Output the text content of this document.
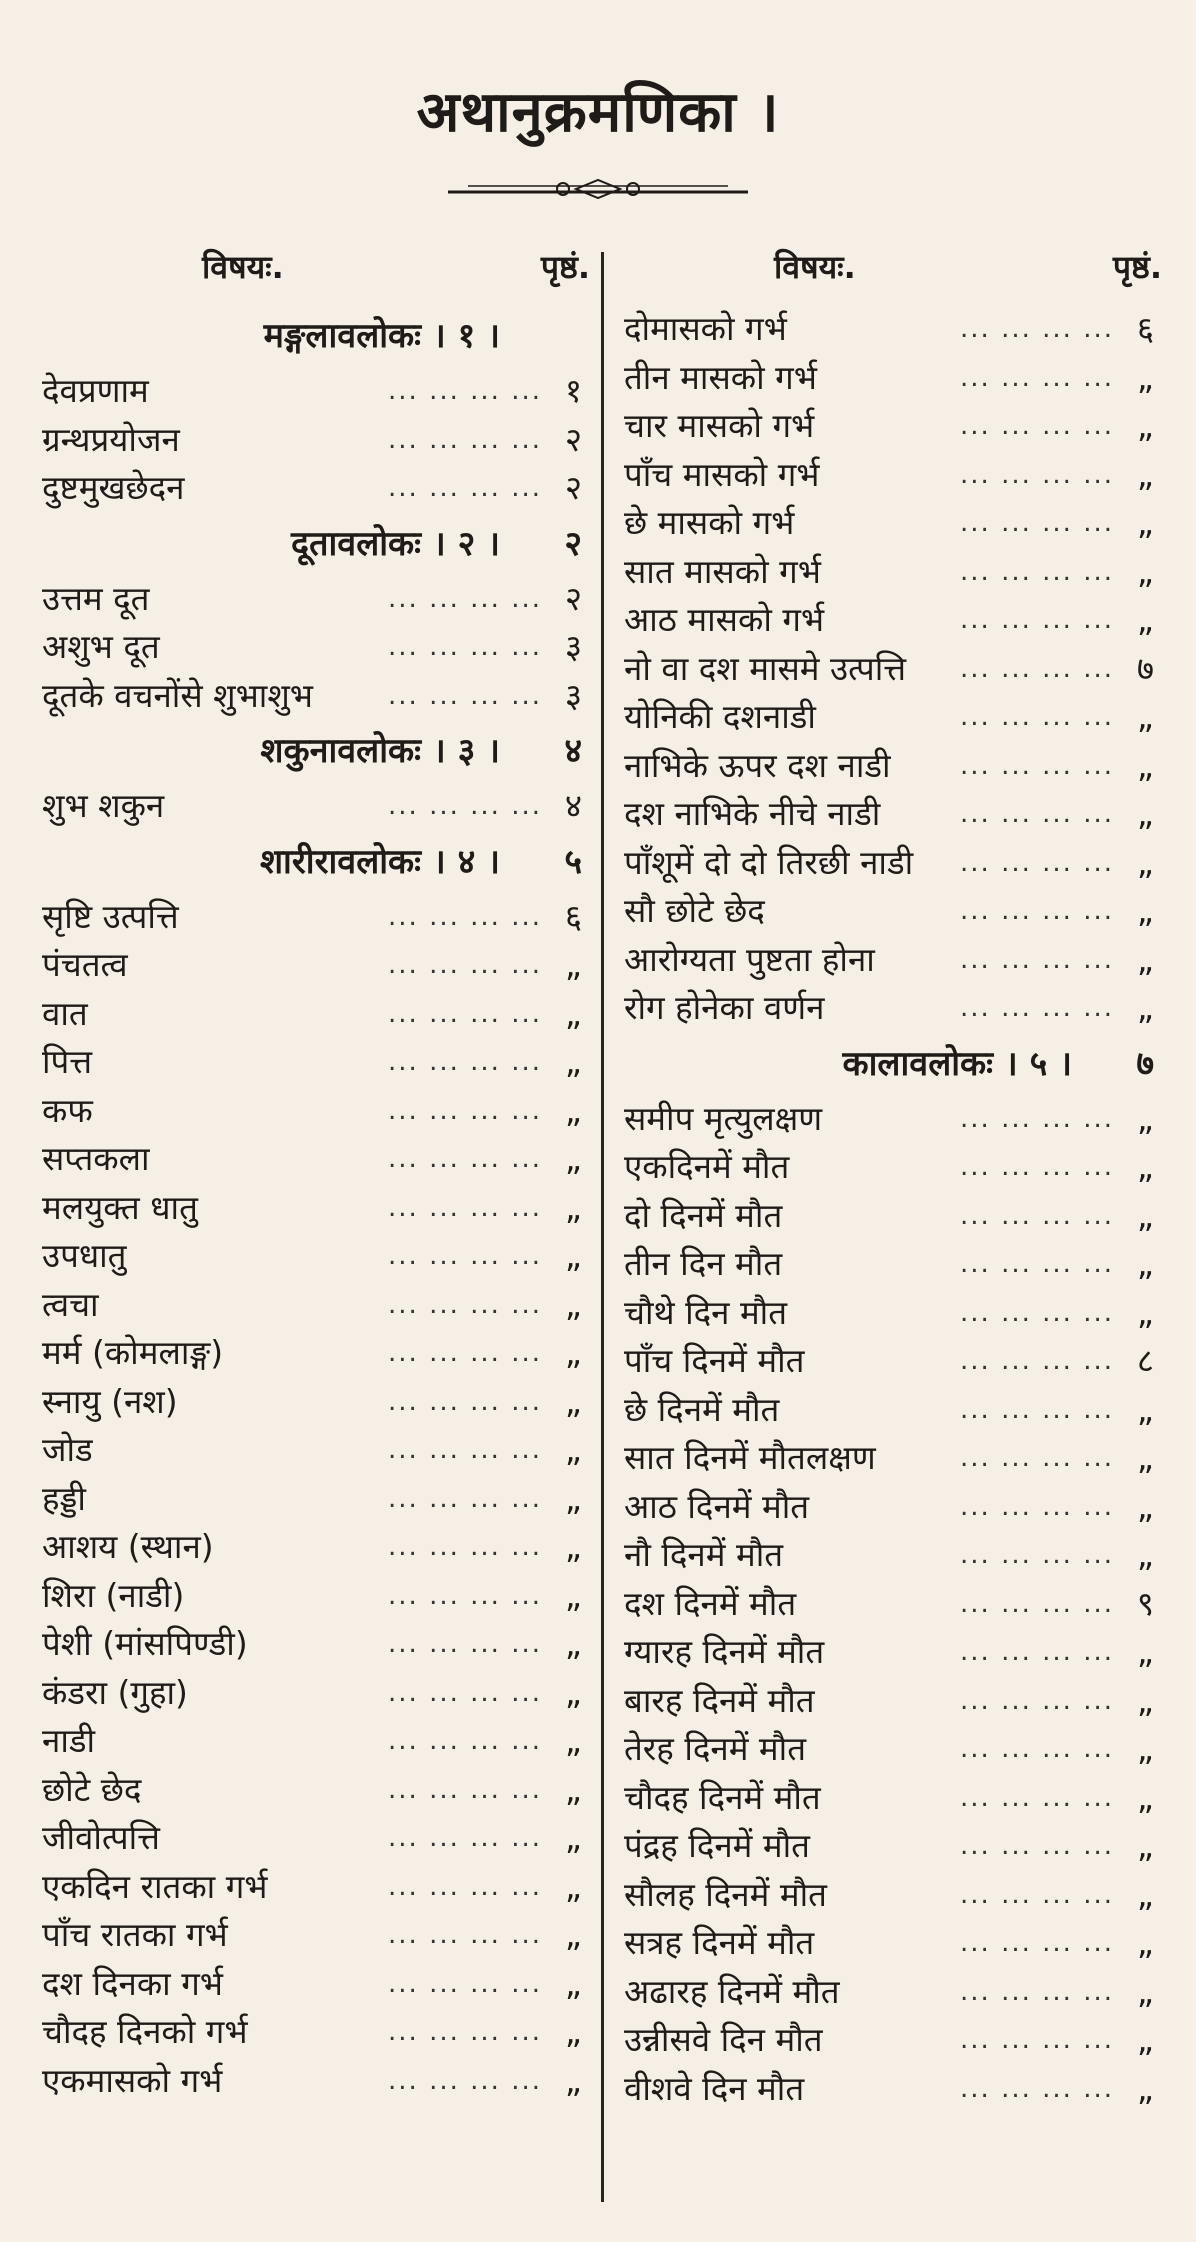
अथानुक्रमणिका ।
विषयः.	पृष्ठं.
मङ्गलावलोकः । १ ।
देवप्रणाम	... ... ... ... १
ग्रन्थप्रयोजन	... ... ... ... २
दुष्टमुखछेदन	... ... ... ... २
दूतावलोकः । २ । २
उत्तम दूत	... ... ... ... २
अशुभ दूत	... ... ... ... ३
दूतके वचनोंसे शुभाशुभ	... ... ... ... ३
शकुनावलोकः । ३ । ४
शुभ शकुन	... ... ... ... ४
शारीरावलोकः । ४ । ५
सृष्टि उत्पत्ति	... ... ... ... ६
पंचतत्व	... ... ... ... „
वात	... ... ... ... „
पित्त	... ... ... ... „
कफ	... ... ... ... „
सप्तकला	... ... ... ... „
मलयुक्त धातु	... ... ... ... „
उपधातु	... ... ... ... „
त्वचा	... ... ... ... „
मर्म (कोमलाङ्ग)	... ... ... ... „
स्नायु (नश)	... ... ... ... „
जोड	... ... ... ... „
हड्डी	... ... ... ... „
आशय (स्थान)	... ... ... ... „
शिरा (नाडी)	... ... ... ... „
पेशी (मांसपिण्डी)	... ... ... ... „
कंडरा (गुहा)	... ... ... ... „
नाडी	... ... ... ... „
छोटे छेद	... ... ... ... „
जीवोत्पत्ति	... ... ... ... „
एकदिन रातका गर्भ	... ... ... ... „
पाँच रातका गर्भ	... ... ... ... „
दश दिनका गर्भ	... ... ... ... „
चौदह दिनको गर्भ	... ... ... ... „
एकमासको गर्भ	... ... ... ... „
विषयः.	पृष्ठं.
दोमासको गर्भ	... ... ... ... ६
तीन मासको गर्भ	... ... ... ... „
चार मासको गर्भ	... ... ... ... „
पाँच मासको गर्भ	... ... ... ... „
छे मासको गर्भ	... ... ... ... „
सात मासको गर्भ	... ... ... ... „
आठ मासको गर्भ	... ... ... ... „
नो वा दश मासमे उत्पत्ति ... ... ... ... ७
योनिकी दशनाडी	... ... ... ... „
नाभिके ऊपर दश नाडी	... ... ... ... „
दश नाभिके नीचे नाडी	... ... ... ... „
पाँशूमें दो दो तिरछी नाडी ... ... ... ... „
सौ छोटे छेद	... ... ... ... „
आरोग्यता पुष्टता होना	... ... ... ... „
रोग होनेका वर्णन	... ... ... ... „
कालावलोकः । ५ । ७
समीप मृत्युलक्षण	... ... ... ... „
एकदिनमें मौत	... ... ... ... „
दो दिनमें मौत	... ... ... ... „
तीन दिन मौत	... ... ... ... „
चौथे दिन मौत	... ... ... ... „
पाँच दिनमें मौत	... ... ... ... ८
छे दिनमें मौत	... ... ... ... „
सात दिनमें मौतलक्षण	... ... ... ... „
आठ दिनमें मौत	... ... ... ... „
नौ दिनमें मौत	... ... ... ... „
दश दिनमें मौत	... ... ... ... ९
ग्यारह दिनमें मौत	... ... ... ... „
बारह दिनमें मौत	... ... ... ... „
तेरह दिनमें मौत	... ... ... ... „
चौदह दिनमें मौत	... ... ... ... „
पंद्रह दिनमें मौत	... ... ... ... „
सौलह दिनमें मौत	... ... ... ... „
सत्रह दिनमें मौत	... ... ... ... „
अढारह दिनमें मौत	... ... ... ... „
उन्नीसवे दिन मौत	... ... ... ... „
वीशवे दिन मौत	... ... ... ... „
